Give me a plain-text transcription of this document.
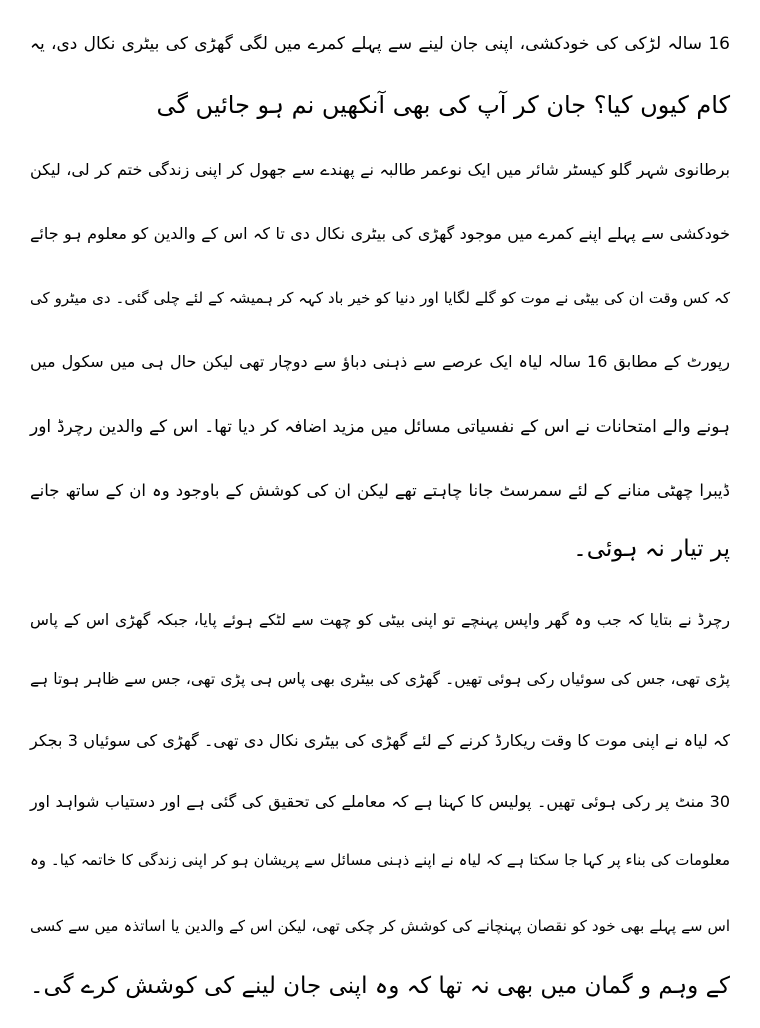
16 سالہ لڑکی کی خودکشی، اپنی جان لینے سے پہلے کمرے میں لگی گھڑی کی بیٹری نکال دی، یہ
کام کیوں کیا؟ جان کر آپ کی بھی آنکھیں نم ہو جائیں گی
برطانوی شہر گلو کیسٹر شائر میں ایک نوعمر طالبہ نے پھندے سے جھول کر اپنی زندگی ختم کر لی، لیکن
خودکشی سے پہلے اپنے کمرے میں موجود گھڑی کی بیٹری نکال دی تا کہ اس کے والدین کو معلوم ہو جائے
کہ کس وقت ان کی بیٹی نے موت کو گلے لگایا اور دنیا کو خیر باد کہہ کر ہمیشہ کے لئے چلی گئی۔ دی میٹرو کی
رپورٹ کے مطابق 16 سالہ لیاہ ایک عرصے سے ذہنی دباؤ سے دوچار تھی لیکن حال ہی میں سکول میں
ہونے والے امتحانات نے اس کے نفسیاتی مسائل میں مزید اضافہ کر دیا تھا۔ اس کے والدین رچرڈ اور
ڈیبرا چھٹی منانے کے لئے سمرسٹ جانا چاہتے تھے لیکن ان کی کوشش کے باوجود وہ ان کے ساتھ جانے
پر تیار نہ ہوئی۔
رچرڈ نے بتایا کہ جب وہ گھر واپس پہنچے تو اپنی بیٹی کو چھت سے لٹکے ہوئے پایا، جبکہ گھڑی اس کے پاس
پڑی تھی، جس کی سوئیاں رکی ہوئی تھیں۔ گھڑی کی بیٹری بھی پاس ہی پڑی تھی، جس سے ظاہر ہوتا ہے
کہ لیاہ نے اپنی موت کا وقت ریکارڈ کرنے کے لئے گھڑی کی بیٹری نکال دی تھی۔ گھڑی کی سوئیاں 3 بجکر
30 منٹ پر رکی ہوئی تھیں۔ پولیس کا کہنا ہے کہ معاملے کی تحقیق کی گئی ہے اور دستیاب شواہد اور
معلومات کی بناء پر کہا جا سکتا ہے کہ لیاہ نے اپنے ذہنی مسائل سے پریشان ہو کر اپنی زندگی کا خاتمہ کیا۔ وہ
اس سے پہلے بھی خود کو نقصان پہنچانے کی کوشش کر چکی تھی، لیکن اس کے والدین یا اساتذہ میں سے کسی
کے وہم و گمان میں بھی نہ تھا کہ وہ اپنی جان لینے کی کوشش کرے گی۔
